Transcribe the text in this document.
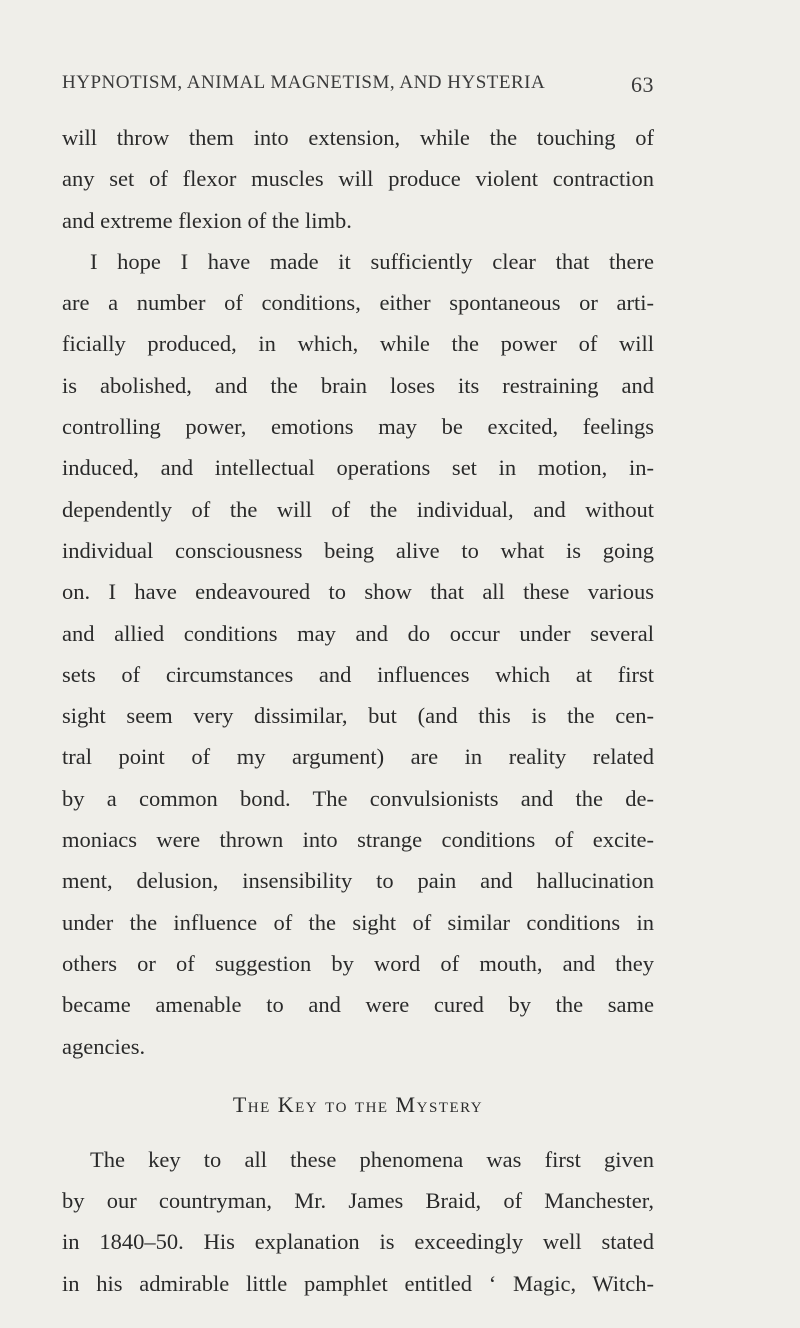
HYPNOTISM, ANIMAL MAGNETISM, AND HYSTERIA	63
will throw them into extension, while the touching of
any set of flexor muscles will produce violent contraction
and extreme flexion of the limb.
I hope I have made it sufficiently clear that there
are a number of conditions, either spontaneous or arti-
ficially produced, in which, while the power of will
is abolished, and the brain loses its restraining and
controlling power, emotions may be excited, feelings
induced, and intellectual operations set in motion, in-
dependently of the will of the individual, and without
individual consciousness being alive to what is going
on. I have endeavoured to show that all these various
and allied conditions may and do occur under several
sets of circumstances and influences which at first
sight seem very dissimilar, but (and this is the cen-
tral point of my argument) are in reality related
by a common bond. The convulsionists and the de-
moniacs were thrown into strange conditions of excite-
ment, delusion, insensibility to pain and hallucination
under the influence of the sight of similar conditions in
others or of suggestion by word of mouth, and they
became amenable to and were cured by the same
agencies.
The Key to the Mystery
The key to all these phenomena was first given
by our countryman, Mr. James Braid, of Manchester,
in 1840–50. His explanation is exceedingly well stated
in his admirable little pamphlet entitled ‘ Magic, Witch-
